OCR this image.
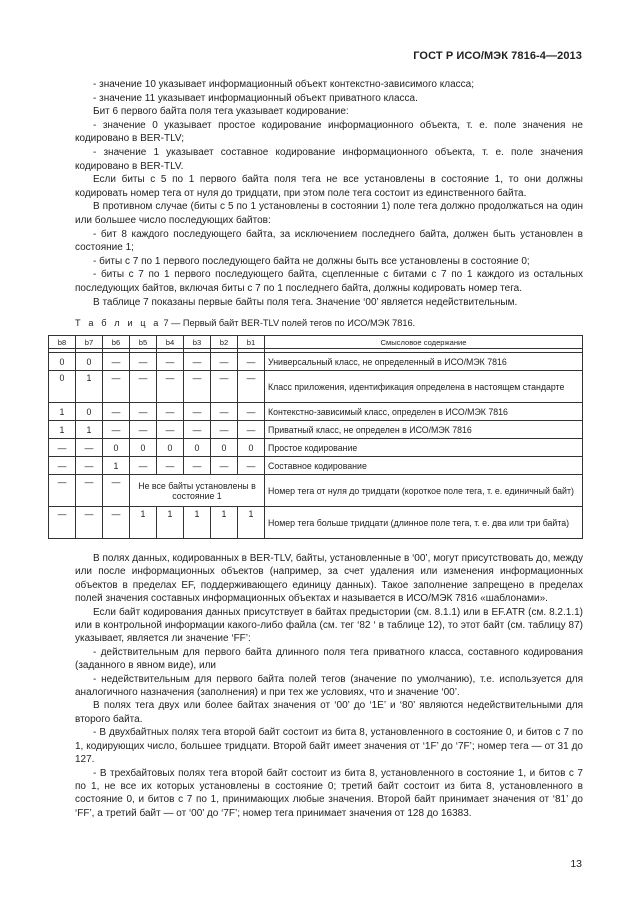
ГОСТ Р ИСО/МЭК 7816-4—2013

- значение 10 указывает информационный объект контекстно-зависимого класса;

- значение 11 указывает информационный объект приватного класса.

Бит 6 первого байта поля тега указывает кодирование:

- значение 0 указывает простое кодирование информационного объекта, т. е. поле значения не кодировано в BER-TLV;

- значение 1 указывает составное кодирование информационного объекта, т. е. поле значения кодировано в BER-TLV.

Если биты с 5 по 1 первого байта поля тега не все установлены в состояние 1, то они должны кодировать номер тега от нуля до тридцати, при этом поле тега состоит из единственного байта.

В противном случае (биты с 5 по 1 установлены в состоянии 1) поле тега должно продолжаться на один или большее число последующих байтов:

- бит 8 каждого последующего байта, за исключением последнего байта, должен быть установлен в состояние 1;

- биты с 7 по 1 первого последующего байта не должны быть все установлены в состояние 0;

- биты с 7 по 1 первого последующего байта, сцепленные с битами с 7 по 1 каждого из остальных последующих байтов, включая биты с 7 по 1 последнего байта, должны кодировать номер тега.

В таблице 7 показаны первые байты поля тега. Значение ‘00’ является недействительным.

Т а б л и ц а 7 — Первый байт BER-TLV полей тегов по ИСО/МЭК 7816.
b8	b7	b6	b5	b4	b3	b2	b1	Смысловое содержание

0	0	—	—	—	—	—	—	Универсальный класс, не определенный в ИСО/МЭК 7816
0	1	—	—	—	—	—	—	Класс приложения, идентификация определена в настоящем стандарте
1	0	—	—	—	—	—	—	Контекстно-зависимый класс, определен в ИСО/МЭК 7816
1	1	—	—	—	—	—	—	Приватный класс, не определен в ИСО/МЭК 7816
—	—	0	0	0	0	0	0	Простое кодирование
—	—	1	—	—	—	—	—	Составное кодирование
—	—	—	Не все байты установлены в состояние 1					Номер тега от нуля до тридцати (короткое поле тега, т. е. единичный байт)
—	—	—	1	1	1	1	1	Номер тега больше тридцати (длинное поле тега, т. е. два или три байта)

В полях данных, кодированных в BER-TLV, байты, установленные в ‘00’, могут присутствовать до, между или после информационных объектов (например, за счет удаления или изменения информационных объектов в пределах EF, поддерживающего единицу данных). Такое заполнение запрещено в пределах полей значения составных информационных объектах и называется в ИСО/МЭК 7816 «шаблонами».

Если байт кодирования данных присутствует в байтах предыстории (см. 8.1.1) или в EF.ATR (см. 8.2.1.1) или в контрольной информации какого-либо файла (см. тег ‘82 ‘ в таблице 12), то этот байт (см. таблицу 87) указывает, является ли значение ‘FF’:

- действительным для первого байта длинного поля тега приватного класса, составного кодирования (заданного в явном виде), или

- недействительным для первого байта полей тегов (значение по умолчанию), т.е. используется для аналогичного назначения (заполнения) и при тех же условиях, что и значение ‘00’.

В полях тега двух или более байтах значения от ‘00’ до ‘1E’ и ‘80’ являются недействительными для второго байта.

- В двухбайтных полях тега второй байт состоит из бита 8, установленного в состояние 0, и битов с 7 по 1, кодирующих число, большее тридцати. Второй байт имеет значения от ‘1F’ до ‘7F’; номер тега — от 31 до 127.

- В трехбайтовых полях тега второй байт состоит из бита 8, установленного в состояние 1, и битов с 7 по 1, не все их которых установлены в состояние 0; третий байт состоит из бита 8, установленного в состояние 0, и битов с 7 по 1, принимающих любые значения. Второй байт принимает значения от ‘81’ до ‘FF’, а третий байт — от ‘00’ до ‘7F’; номер тега принимает значения от 128 до 16383.

13
